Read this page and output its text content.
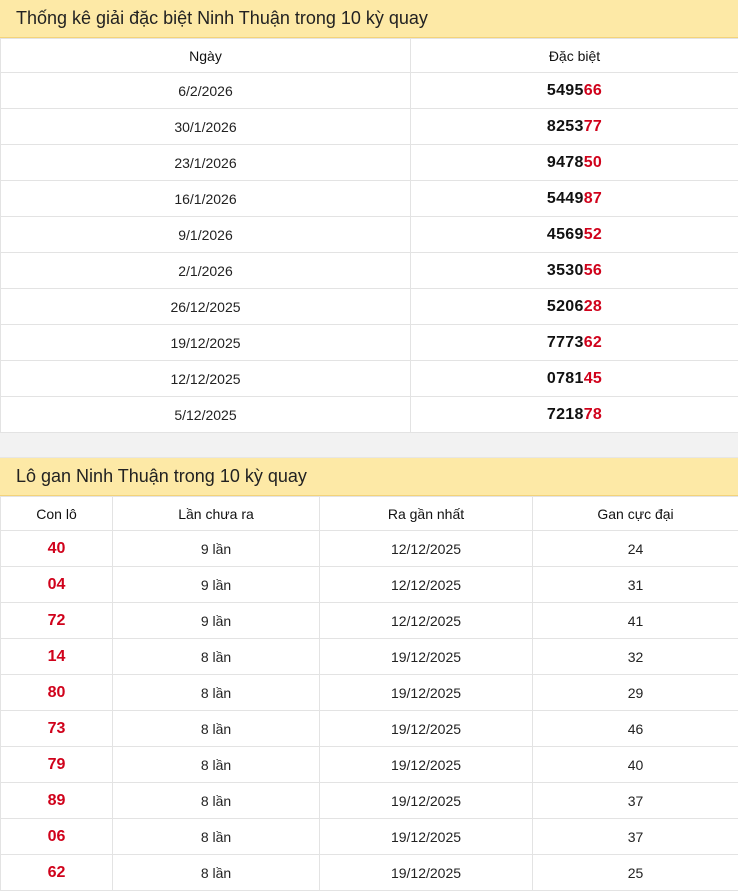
Thống kê giải đặc biệt Ninh Thuận trong 10 kỳ quay
Ngày	Đặc biệt
6/2/2026	549566
30/1/2026	825377
23/1/2026	947850
16/1/2026	544987
9/1/2026	456952
2/1/2026	353056
26/12/2025	520628
19/12/2025	777362
12/12/2025	078145
5/12/2025	721878
Lô gan Ninh Thuận trong 10 kỳ quay
Con lô	Lần chưa ra	Ra gần nhất	Gan cực đại
40	9 lần	12/12/2025	24
04	9 lần	12/12/2025	31
72	9 lần	12/12/2025	41
14	8 lần	19/12/2025	32
80	8 lần	19/12/2025	29
73	8 lần	19/12/2025	46
79	8 lần	19/12/2025	40
89	8 lần	19/12/2025	37
06	8 lần	19/12/2025	37
62	8 lần	19/12/2025	25
